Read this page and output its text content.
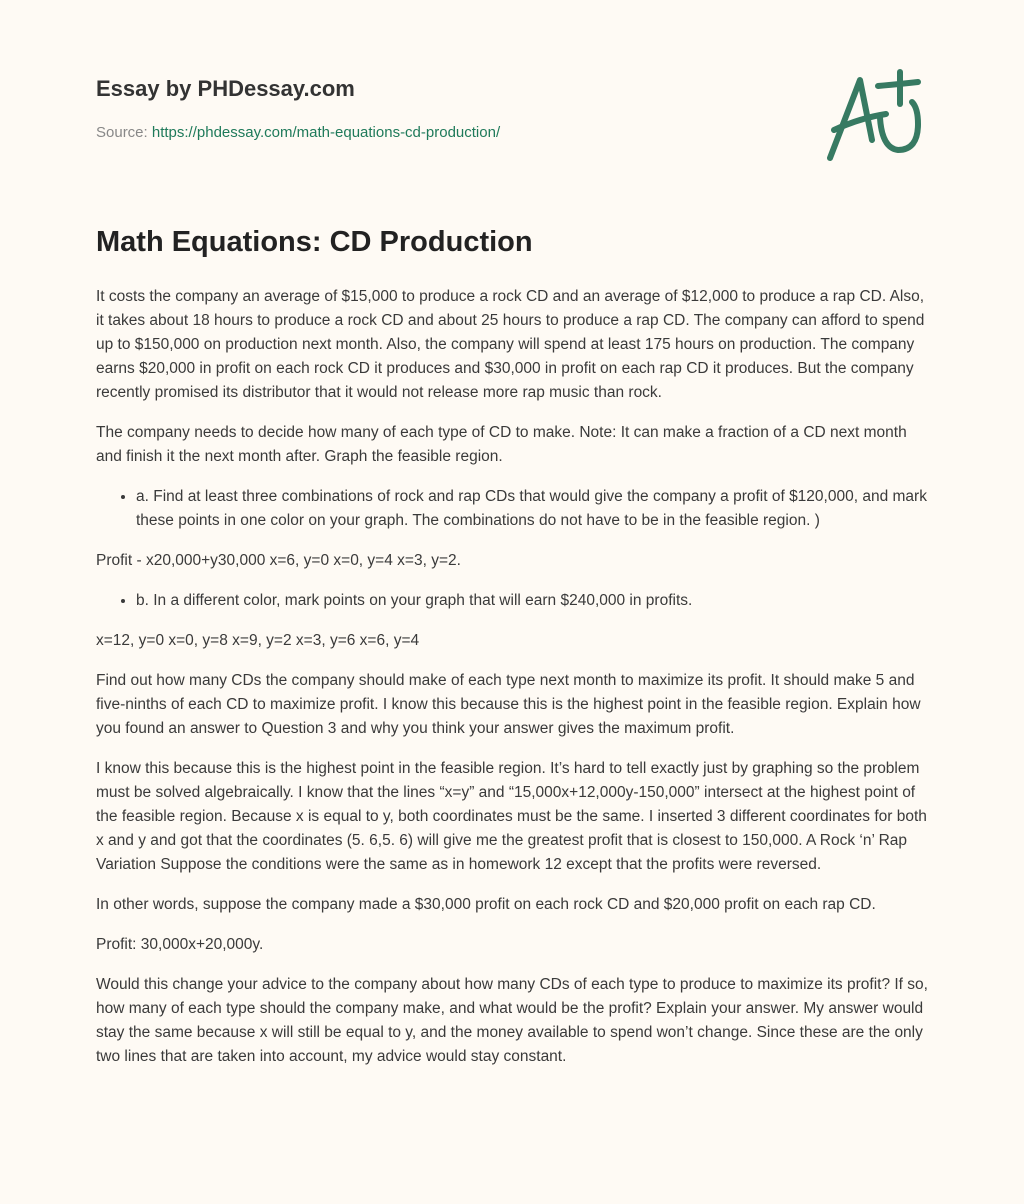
Essay by PHDessay.com
Source: https://phdessay.com/math-equations-cd-production/
Math Equations: CD Production

It costs the company an average of $15,000 to produce a rock CD and an average of $12,000 to produce a rap CD. Also, it takes about 18 hours to produce a rock CD and about 25 hours to produce a rap CD. The company can afford to spend up to $150,000 on production next month. Also, the company will spend at least 175 hours on production. The company earns $20,000 in profit on each rock CD it produces and $30,000 in profit on each rap CD it produces. But the company recently promised its distributor that it would not release more rap music than rock.

The company needs to decide how many of each type of CD to make. Note: It can make a fraction of a CD next month and finish it the next month after. Graph the feasible region.

• a. Find at least three combinations of rock and rap CDs that would give the company a profit of $120,000, and mark these points in one color on your graph. The combinations do not have to be in the feasible region. )

Profit - x20,000+y30,000 x=6, y=0 x=0, y=4 x=3, y=2.

• b. In a different color, mark points on your graph that will earn $240,000 in profits.

x=12, y=0 x=0, y=8 x=9, y=2 x=3, y=6 x=6, y=4

Find out how many CDs the company should make of each type next month to maximize its profit. It should make 5 and five-ninths of each CD to maximize profit. I know this because this is the highest point in the feasible region. Explain how you found an answer to Question 3 and why you think your answer gives the maximum profit.

I know this because this is the highest point in the feasible region. It’s hard to tell exactly just by graphing so the problem must be solved algebraically. I know that the lines “x=y” and “15,000x+12,000y-150,000” intersect at the highest point of the feasible region. Because x is equal to y, both coordinates must be the same. I inserted 3 different coordinates for both x and y and got that the coordinates (5. 6,5. 6) will give me the greatest profit that is closest to 150,000. A Rock ‘n’ Rap Variation Suppose the conditions were the same as in homework 12 except that the profits were reversed.

In other words, suppose the company made a $30,000 profit on each rock CD and $20,000 profit on each rap CD.

Profit: 30,000x+20,000y.

Would this change your advice to the company about how many CDs of each type to produce to maximize its profit? If so, how many of each type should the company make, and what would be the profit? Explain your answer. My answer would stay the same because x will still be equal to y, and the money available to spend won’t change. Since these are the only two lines that are taken into account, my advice would stay constant.
